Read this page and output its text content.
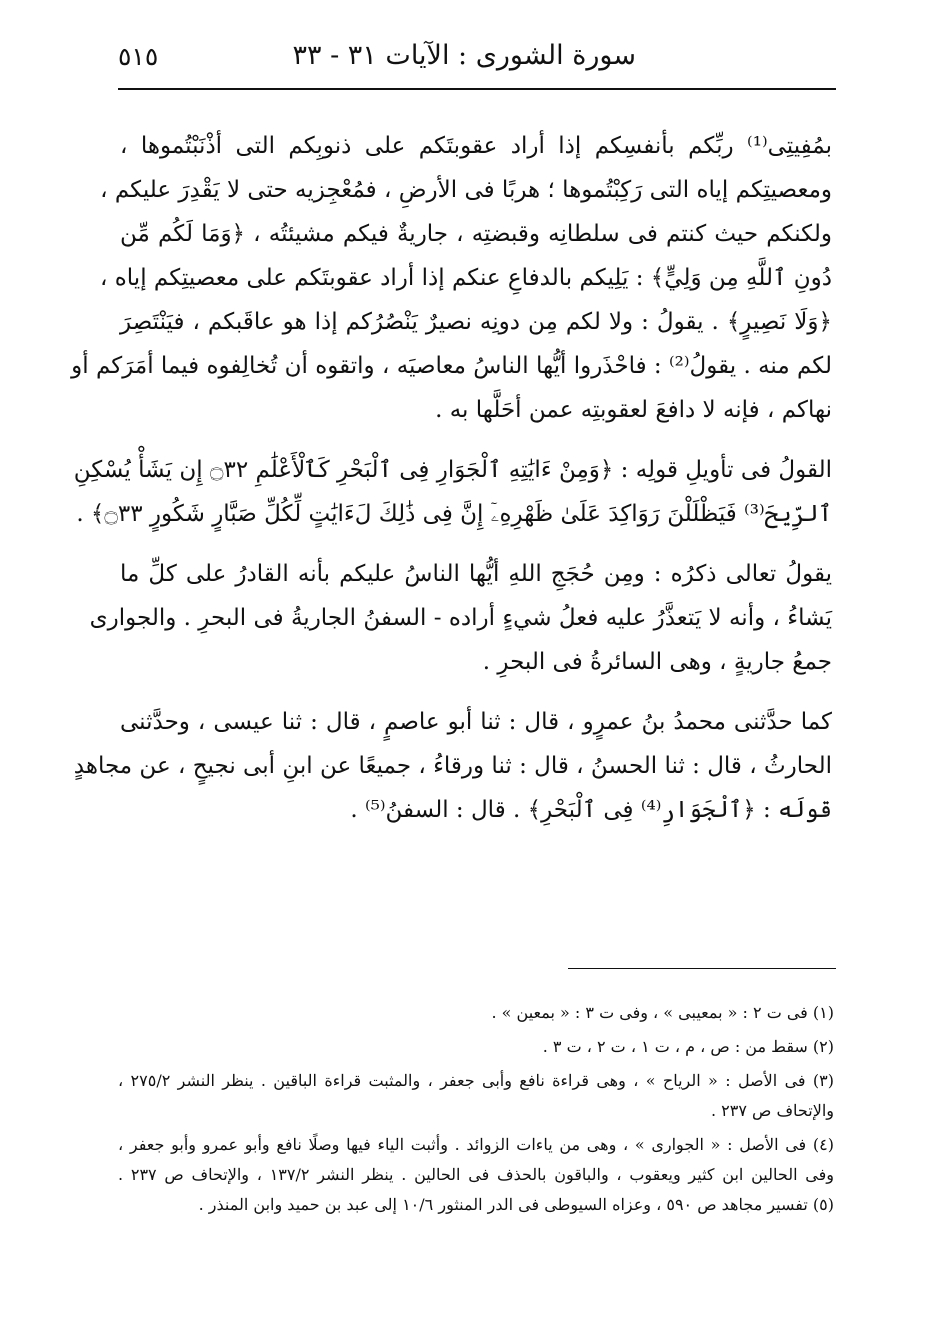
سورة الشورى : الآيات ٣١ - ٣٣
٥١٥
بمُفِيتِى⁽¹⁾ ربِّكم بأنفسِكم إذا أراد عقوبتَكم على ذنوبِكم التى أذْنَبْتُموها ،
ومعصيتِكم إياه التى رَكِبْتُموها ؛ هربًا فى الأرضِ ، فمُعْجِزيه حتى لا يَقْدِرَ عليكم ،
ولكنكم حيث كنتم فى سلطانِه وقبضتِه ، جاريةٌ فيكم مشيئتُه ، ﴿وَمَا لَكُم مِّن
دُونِ ٱللَّهِ مِن وَلِيٍّ﴾ : يَلِيكم بالدفاعِ عنكم إذا أراد عقوبتَكم على معصيتِكم إياه ،
﴿وَلَا نَصِيرٍ﴾ . يقولُ : ولا لكم مِن دونِه نصيرٌ يَنْصُرُكم إذا هو عاقَبكم ، فيَنْتَصِرَ
لكم منه . يقولُ⁽²⁾ : فاحْذَروا أيُّها الناسُ معاصيَه ، واتقوه أن تُخالِفوه فيما أمَرَكم أو
نهاكم ، فإنه لا دافعَ لعقوبتِه عمن أحَلَّها به .
القولُ فى تأويلِ قولِه : ﴿وَمِنْ ءَايَٰتِهِ ٱلْجَوَارِ فِى ٱلْبَحْرِ كَٱلْأَعْلَٰمِ ۝٣٢ إِن يَشَأْ يُسْكِنِ
ٱلرِّيحَ⁽³⁾ فَيَظْلَلْنَ رَوَاكِدَ عَلَىٰ ظَهْرِهِۦٓ إِنَّ فِى ذَٰلِكَ لَءَايَٰتٍ لِّكُلِّ صَبَّارٍ شَكُورٍ ۝٣٣﴾ .
يقولُ تعالى ذكرُه : ومِن حُجَجِ اللهِ أيُّها الناسُ عليكم بأنه القادرُ على كلِّ ما
يَشاءُ ، وأنه لا يَتعذَّرُ عليه فعلُ شيءٍ أراده - السفنُ الجاريةُ فى البحرِ . والجوارى
جمعُ جاريةٍ ، وهى السائرةُ فى البحرِ .
كما حدَّثنى محمدُ بنُ عمرٍو ، قال : ثنا أبو عاصمٍ ، قال : ثنا عيسى ، وحدَّثنى
الحارثُ ، قال : ثنا الحسنُ ، قال : ثنا ورقاءُ ، جميعًا عن ابنِ أبى نجيحٍ ، عن مجاهدٍ
قولَه : ﴿ٱلْجَوَارِ⁽⁴⁾ فِى ٱلْبَحْرِ﴾ . قال : السفنُ⁽⁵⁾ .
(١) فى ت ٢ : « بمعيبى » ، وفى ت ٣ : « بمعين » .
(٢) سقط من : ص ، م ، ت ١ ، ت ٢ ، ت ٣ .
(٣) فى الأصل : « الرياح » ، وهى قراءة نافع وأبى جعفر ، والمثبت قراءة الباقين . ينظر النشر ٢٧٥/٢ ،
والإتحاف ص ٢٣٧ .
(٤) فى الأصل : « الجوارى » ، وهى من ياءات الزوائد . وأثبت الياء فيها وصلًا نافع وأبو عمرو وأبو جعفر ،
وفى الحالين ابن كثير ويعقوب ، والباقون بالحذف فى الحالين . ينظر النشر ١٣٧/٢ ، والإتحاف ص ٢٣٧ .
(٥) تفسير مجاهد ص ٥٩٠ ، وعزاه السيوطى فى الدر المنثور ١٠/٦ إلى عبد بن حميد وابن المنذر .
